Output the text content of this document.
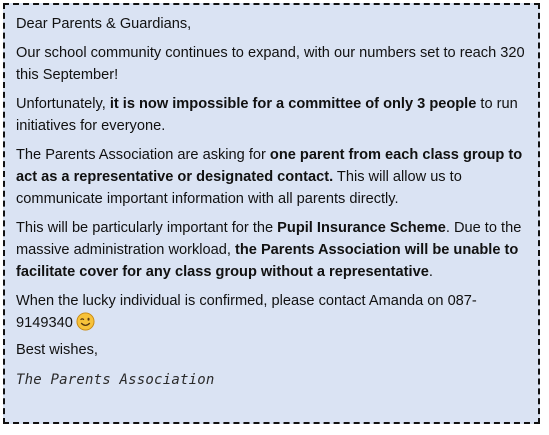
Dear Parents & Guardians,

Our school community continues to expand, with our numbers set to reach 320 this September!

Unfortunately, it is now impossible for a committee of only 3 people to run initiatives for everyone.

The Parents Association are asking for one parent from each class group to act as a representative or designated contact. This will allow us to communicate important information with all parents directly.

This will be particularly important for the Pupil Insurance Scheme. Due to the massive administration workload, the Parents Association will be unable to facilitate cover for any class group without a representative.

When the lucky individual is confirmed, please contact Amanda on 087-9149340

Best wishes,

The Parents Association
